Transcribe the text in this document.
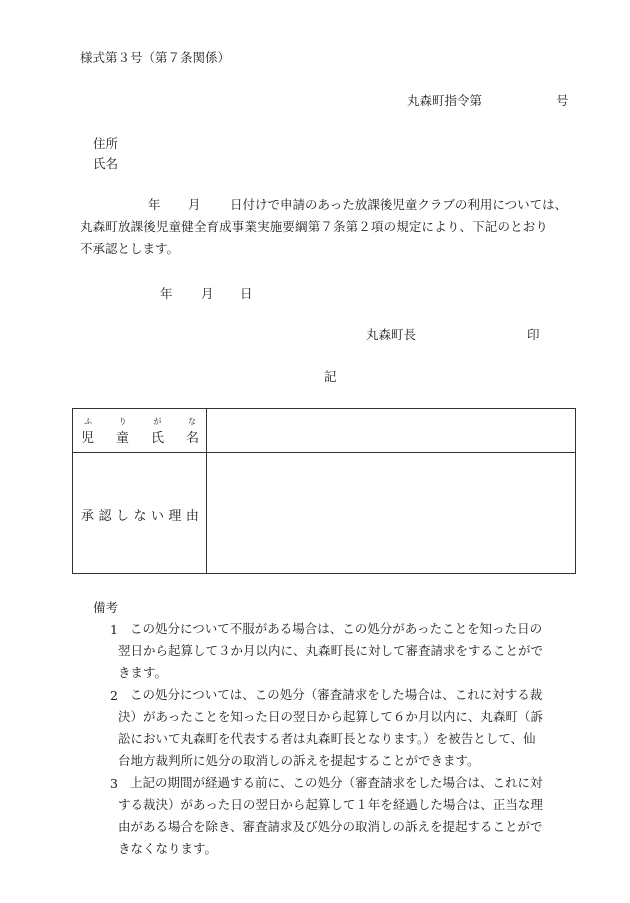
様式第３号（第７条関係）
丸森町指令第	号
住所
氏名
年 月 日付けで申請のあった放課後児童クラブの利用については、
丸森町放課後児童健全育成事業実施要綱第７条第２項の規定により、下記のとおり
不承認とします。
年 月 日
丸森町長	印
記
ふ	り	が	な
児 童 氏 名
承 認 し な い 理 由
備考
1 この処分について不服がある場合は、この処分があったことを知った日の
翌日から起算して３か月以内に、丸森町長に対して審査請求をすることがで
きます。
2 この処分については、この処分（審査請求をした場合は、これに対する裁
決）があったことを知った日の翌日から起算して６か月以内に、丸森町（訴
訟において丸森町を代表する者は丸森町長となります。）を被告として、仙
台地方裁判所に処分の取消しの訴えを提起することができます。
3 上記の期間が経過する前に、この処分（審査請求をした場合は、これに対
する裁決）があった日の翌日から起算して１年を経過した場合は、正当な理
由がある場合を除き、審査請求及び処分の取消しの訴えを提起することがで
きなくなります。
